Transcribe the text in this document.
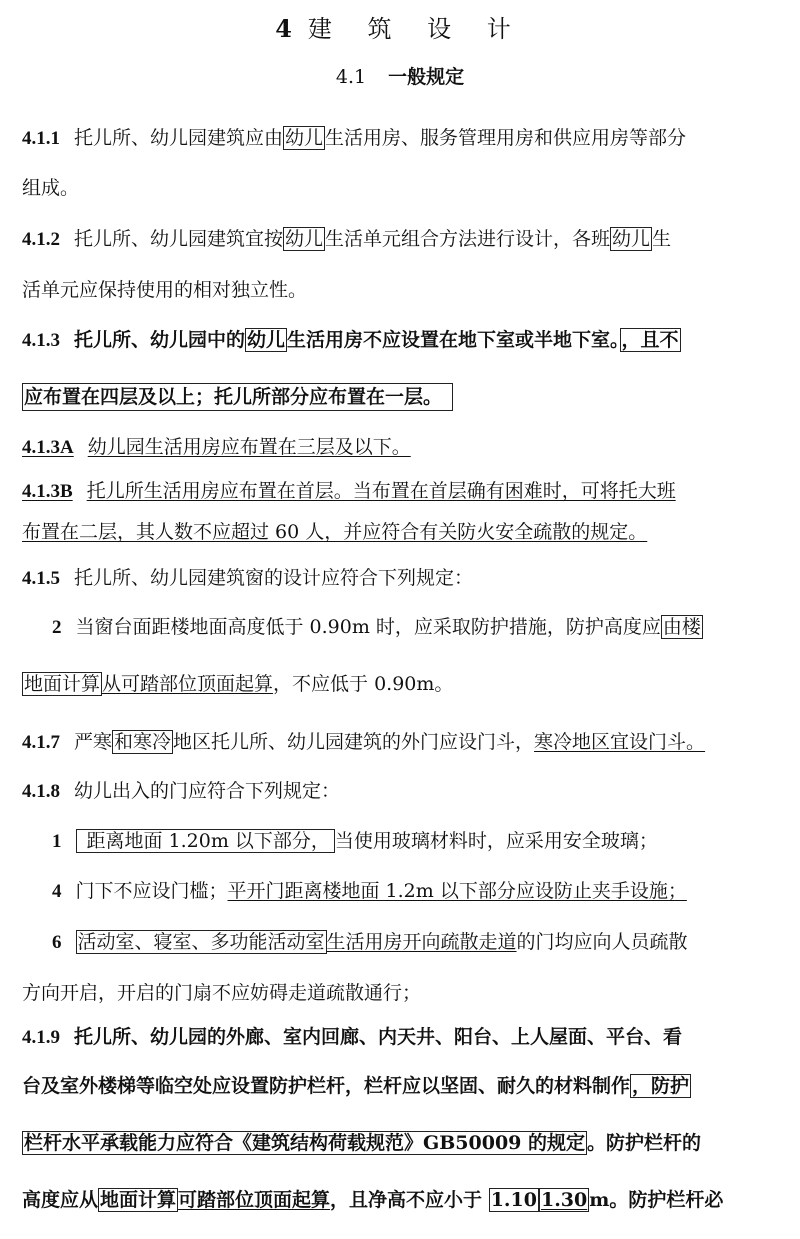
4 建 筑 设 计
4.1 一般规定
4.1.1 托儿所、幼儿园建筑应由 幼儿 生活用房、服务管理用房和供应用房等部分
组成。
4.1.2 托儿所、幼儿园建筑宜按 幼儿 生活单元组合方法进行设计，各班 幼儿 生
活单元应保持使用的相对独立性。
4.1.3 托儿所、幼儿园中的 幼儿 生活用房不应设置在地下室或半地下室。 ，且不
应布置在四层及以上；托儿所部分应布置在一层。
4.1.3A 幼儿园生活用房应布置在三层及以下。
4.1.3B 托儿所生活用房应布置在首层。当布置在首层确有困难时，可将托大班
布置在二层，其人数不应超过 60 人，并应符合有关防火安全疏散的规定。
4.1.5 托儿所、幼儿园建筑窗的设计应符合下列规定：
2 当窗台面距楼地面高度低于 0.90m 时，应采取防护措施，防护高度应 由楼
地面计算 从可踏部位顶面起算，不应低于 0.90m。
4.1.7 严寒 和寒冷 地区托儿所、幼儿园建筑的外门应设门斗，寒冷地区宜设门斗。
4.1.8 幼儿出入的门应符合下列规定：
1 距离地面 1.20m 以下部分， 当使用玻璃材料时，应采用安全玻璃；
4 门下不应设门槛；平开门距离楼地面 1.2m 以下部分应设防止夹手设施；
6 活动室、寝室、多功能活动室 生活用房开向疏散走道的门均应向人员疏散
方向开启，开启的门扇不应妨碍走道疏散通行；
4.1.9 托儿所、幼儿园的外廊、室内回廊、内天井、阳台、上人屋面、平台、看
台及室外楼梯等临空处应设置防护栏杆，栏杆应以坚固、耐久的材料制作 ，防护
栏杆水平承载能力应符合《建筑结构荷载规范》GB50009 的规定 。防护栏杆的
高度应从 地面计算 可踏部位顶面起算，且净高不应小于 1.10 1.30 m。防护栏杆必
